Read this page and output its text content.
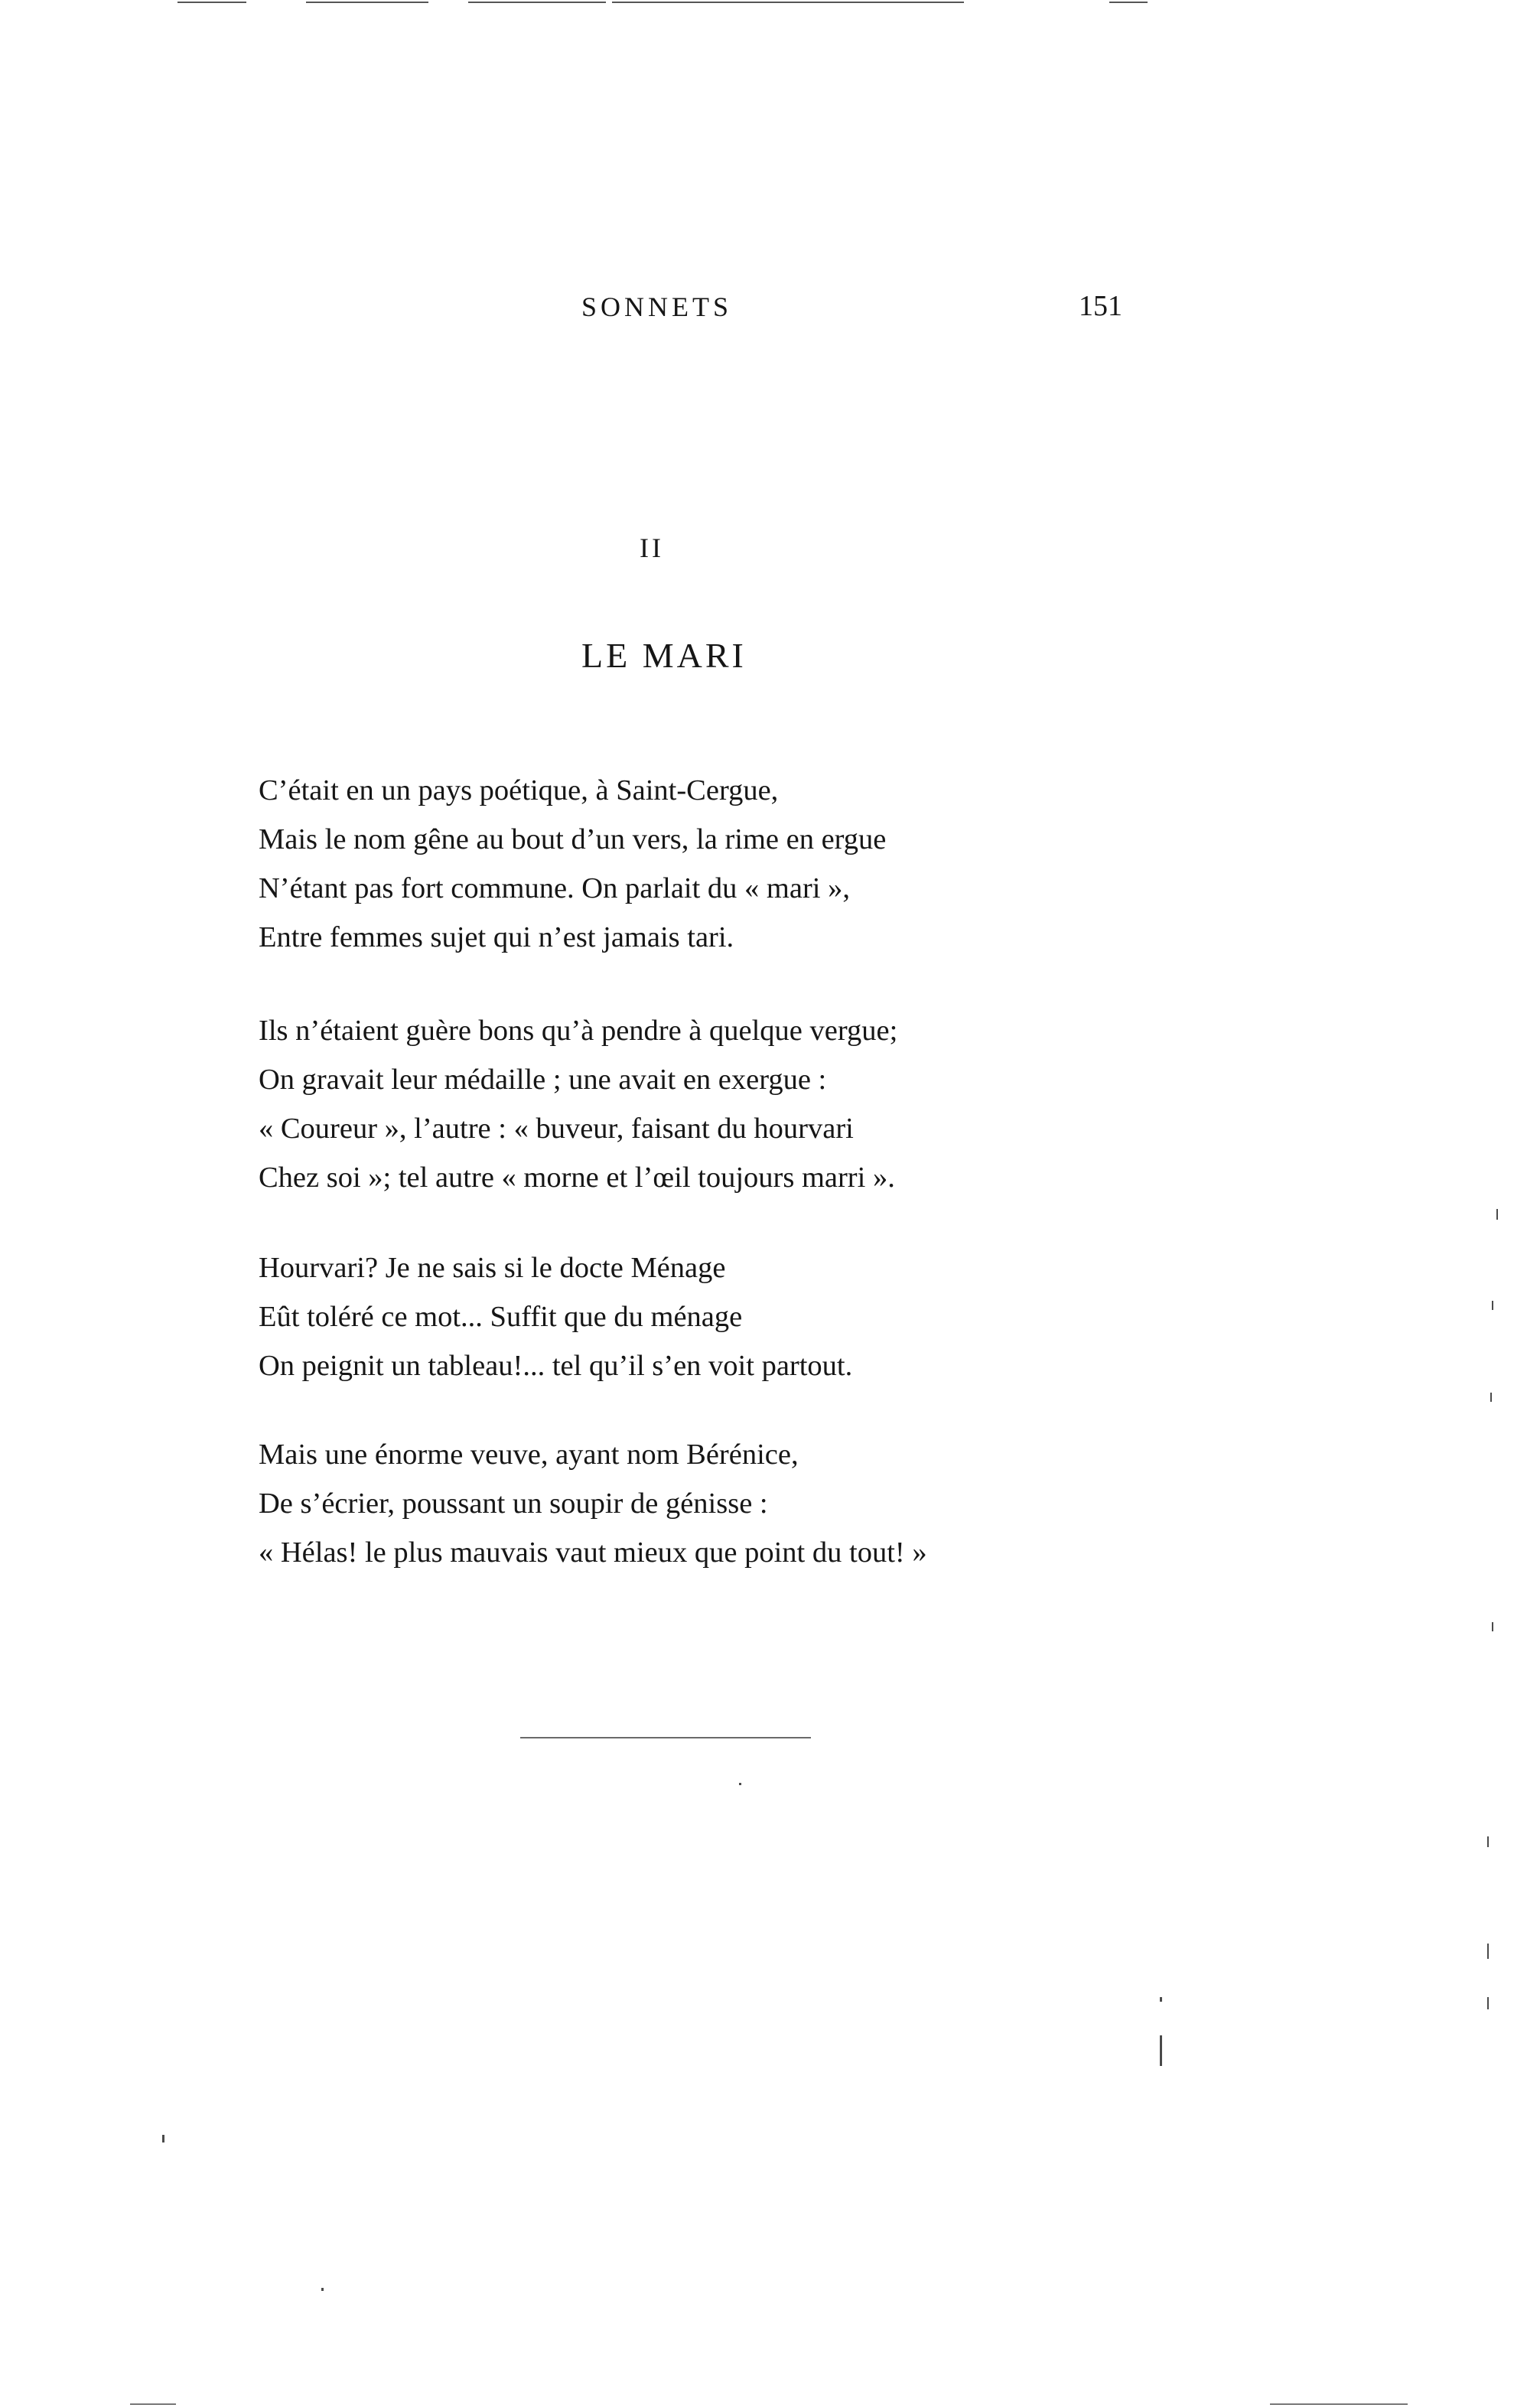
SONNETS	151
II
LE MARI
C’était en un pays poétique, à Saint-Cergue,
Mais le nom gêne au bout d’un vers, la rime en ergue
N’étant pas fort commune. On parlait du « mari »,
Entre femmes sujet qui n’est jamais tari.
Ils n’étaient guère bons qu’à pendre à quelque vergue;
On gravait leur médaille ; une avait en exergue :
« Coureur », l’autre : « buveur, faisant du hourvari
Chez soi »; tel autre « morne et l’œil toujours marri ».
Hourvari? Je ne sais si le docte Ménage
Eût toléré ce mot... Suffit que du ménage
On peignit un tableau!... tel qu’il s’en voit partout.
Mais une énorme veuve, ayant nom Bérénice,
De s’écrier, poussant un soupir de génisse :
« Hélas! le plus mauvais vaut mieux que point du tout! »
